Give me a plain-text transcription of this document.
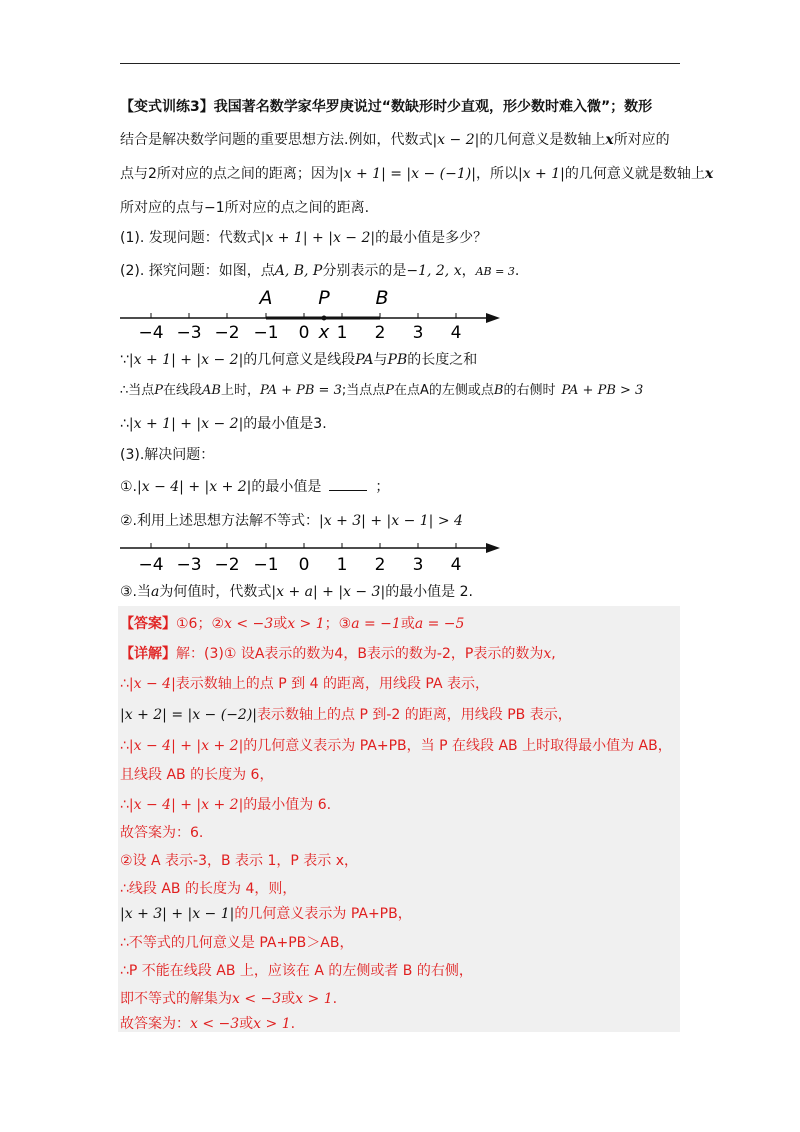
【变式训练3】我国著名数学家华罗庚说过“数缺形时少直观，形少数时难入微”；数形
结合是解决数学问题的重要思想方法.例如，代数式|x − 2|的几何意义是数轴上x所对应的
点与2所对应的点之间的距离；因为|x + 1| = |x − (−1)|，所以|x + 1|的几何意义就是数轴上x
所对应的点与−1所对应的点之间的距离.
(1). 发现问题：代数式|x + 1| + |x − 2|的最小值是多少？
(2). 探究问题：如图，点A, B, P分别表示的是−1, 2, x，AB = 3.
−4 −3 −2 −1 0 1 2 3 4
A P B
x
∵|x + 1| + |x − 2|的几何意义是线段PA与PB的长度之和
∴当点P在线段AB上时，PA + PB = 3;当点点P在点A的左侧或点B的右侧时 PA + PB > 3
∴|x + 1| + |x − 2|的最小值是3.
(3).解决问题：
①.|x − 4| + |x + 2|的最小值是	；
②.利用上述思想方法解不等式：|x + 3| + |x − 1| > 4
−4 −3 −2 −1 0 1 2 3 4
③.当a为何值时，代数式|x + a| + |x − 3|的最小值是 2.
【答案】①6；②x < −3或x > 1；③a = −1或a = −5
【详解】解：(3)① 设A表示的数为4，B表示的数为-2，P表示的数为x,
∴|x − 4|表示数轴上的点 P 到 4 的距离，用线段 PA 表示，
|x + 2| = |x − (−2)|表示数轴上的点 P 到-2 的距离，用线段 PB 表示，
∴|x − 4| + |x + 2|的几何意义表示为 PA+PB，当 P 在线段 AB 上时取得最小值为 AB，
且线段 AB 的长度为 6，
∴|x − 4| + |x + 2|的最小值为 6.
故答案为：6.
②设 A 表示-3，B 表示 1，P 表示 x，
∴线段 AB 的长度为 4，则，
|x + 3| + |x − 1|的几何意义表示为 PA+PB，
∴不等式的几何意义是 PA+PB＞AB，
∴P 不能在线段 AB 上，应该在 A 的左侧或者 B 的右侧，
即不等式的解集为x < −3或x > 1.
故答案为：x < −3或x > 1.
